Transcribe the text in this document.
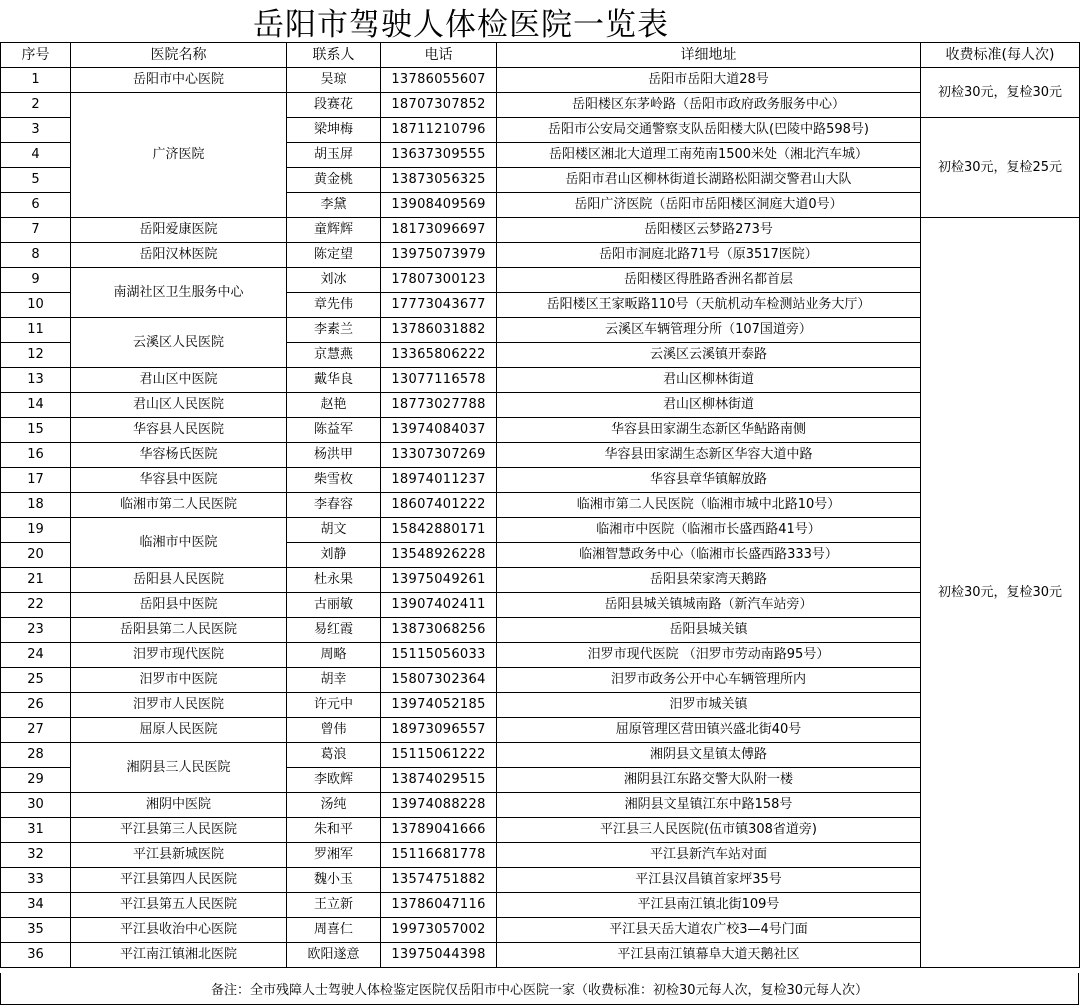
岳阳市驾驶人体检医院一览表
序号	医院名称	联系人	电话	详细地址	收费标准(每人次)
1	岳阳市中心医院	吴琼	13786055607	岳阳市岳阳大道28号	初检30元，复检30元
2	广济医院	段赛花	18707307852	岳阳楼区东茅岭路（岳阳市政府政务服务中心）	
3		梁坤梅	18711210796	岳阳市公安局交通警察支队岳阳楼大队(巴陵中路598号)	初检30元，复检25元
4		胡玉屏	13637309555	岳阳楼区湘北大道理工南苑南1500米处（湘北汽车城）	
5		黄金桃	13873056325	岳阳市君山区柳林街道长湖路松阳湖交警君山大队	
6		李黛	13908409569	岳阳广济医院（岳阳市岳阳楼区洞庭大道0号）	
7	岳阳爱康医院	童辉辉	18173096697	岳阳楼区云梦路273号	初检30元，复检30元
8	岳阳汉林医院	陈定望	13975073979	岳阳市洞庭北路71号（原3517医院）	
9	南湖社区卫生服务中心	刘冰	17807300123	岳阳楼区得胜路香洲名都首层	
10		章先伟	17773043677	岳阳楼区王家畈路110号（天航机动车检测站业务大厅）	
11	云溪区人民医院	李素兰	13786031882	云溪区车辆管理分所（107国道旁）	
12		京慧燕	13365806222	云溪区云溪镇开泰路	
13	君山区中医院	戴华良	13077116578	君山区柳林街道	
14	君山区人民医院	赵艳	18773027788	君山区柳林街道	
15	华容县人民医院	陈益军	13974084037	华容县田家湖生态新区华鲇路南侧	
16	华容杨氏医院	杨洪甲	13307307269	华容县田家湖生态新区华容大道中路	
17	华容县中医院	柴雪枚	18974011237	华容县章华镇解放路	
18	临湘市第二人民医院	李春容	18607401222	临湘市第二人民医院（临湘市城中北路10号）	
19	临湘市中医院	胡文	15842880171	临湘市中医院（临湘市长盛西路41号）	
20		刘静	13548926228	临湘智慧政务中心（临湘市长盛西路333号）	
21	岳阳县人民医院	杜永果	13975049261	岳阳县荣家湾天鹅路	
22	岳阳县中医院	古丽敏	13907402411	岳阳县城关镇城南路（新汽车站旁）	
23	岳阳县第二人民医院	易红霞	13873068256	岳阳县城关镇	
24	汨罗市现代医院	周略	15115056033	汨罗市现代医院 （汨罗市劳动南路95号）	
25	汨罗市中医院	胡幸	15807302364	汨罗市政务公开中心车辆管理所内	
26	汨罗市人民医院	许元中	13974052185	汨罗市城关镇	
27	屈原人民医院	曾伟	18973096557	屈原管理区营田镇兴盛北街40号	
28	湘阴县三人民医院	葛浪	15115061222	湘阴县文星镇太傅路	
29		李欧辉	13874029515	湘阴县江东路交警大队附一楼	
30	湘阴中医院	汤纯	13974088228	湘阴县文星镇江东中路158号	
31	平江县第三人民医院	朱和平	13789041666	平江县三人民医院(伍市镇308省道旁)	
32	平江县新城医院	罗湘军	15116681778	平江县新汽车站对面	
33	平江县第四人民医院	魏小玉	13574751882	平江县汉昌镇首家坪35号	
34	平江县第五人民医院	王立新	13786047116	平江县南江镇北街109号	
35	平江县收治中心医院	周喜仁	19973057002	平江县天岳大道农广校3—4号门面	
36	平江南江镇湘北医院	欧阳遂意	13975044398	平江县南江镇幕阜大道天鹅社区	
备注：全市残障人士驾驶人体检鉴定医院仅岳阳市中心医院一家（收费标准：初检30元每人次，复检30元每人次）
